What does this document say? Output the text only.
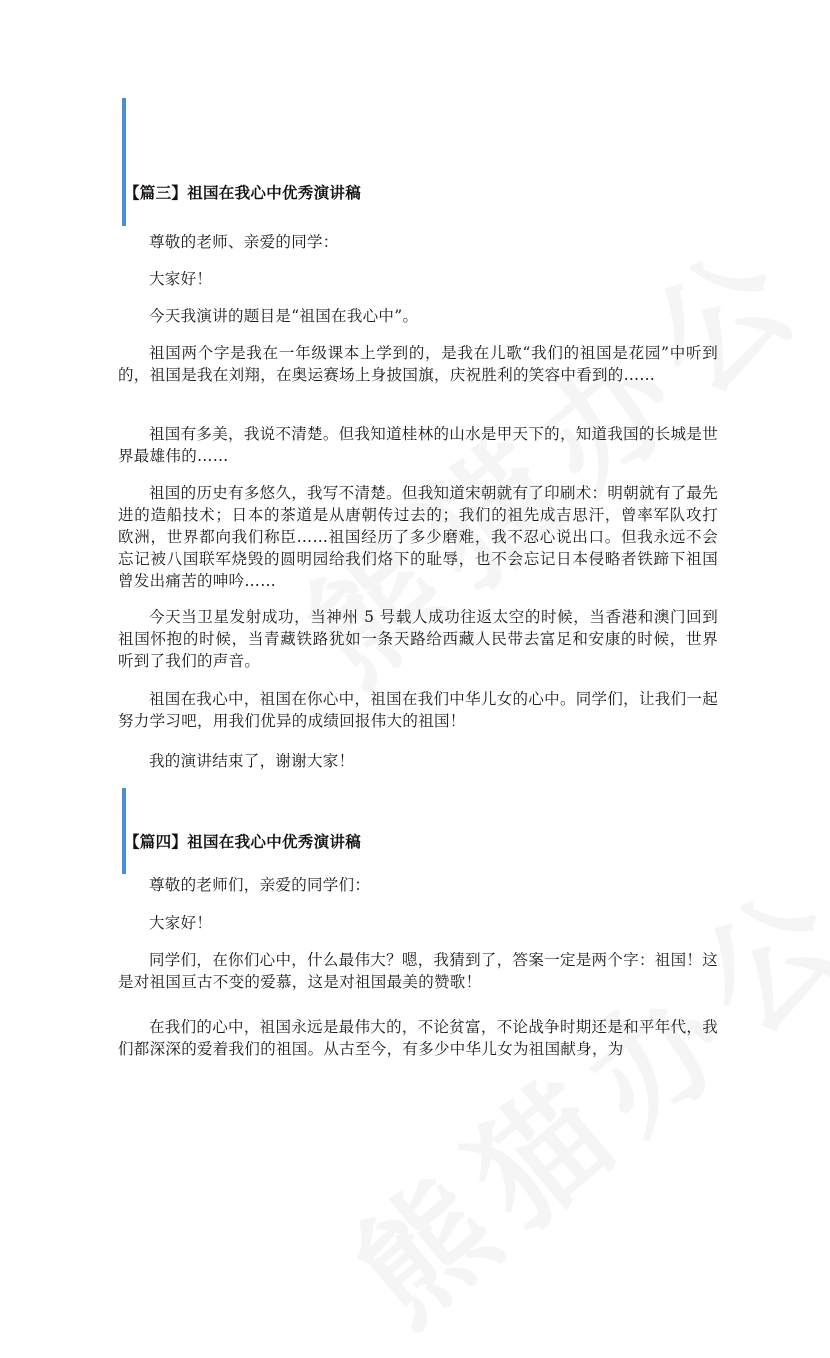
【篇三】祖国在我心中优秀演讲稿

尊敬的老师、亲爱的同学：

大家好！

今天我演讲的题目是“祖国在我心中”。

祖国两个字是我在一年级课本上学到的，是我在儿歌“我们的祖国是花园”中听到的，祖国是我在刘翔，在奥运赛场上身披国旗，庆祝胜利的笑容中看到的……

祖国有多美，我说不清楚。但我知道桂林的山水是甲天下的，知道我国的长城是世界最雄伟的……

祖国的历史有多悠久，我写不清楚。但我知道宋朝就有了印刷术：明朝就有了最先进的造船技术；日本的茶道是从唐朝传过去的；我们的祖先成吉思汗，曾率军队攻打欧洲，世界都向我们称臣……祖国经历了多少磨难，我不忍心说出口。但我永远不会忘记被八国联军烧毁的圆明园给我们烙下的耻辱，也不会忘记日本侵略者铁蹄下祖国曾发出痛苦的呻吟……

今天当卫星发射成功，当神州 5 号载人成功往返太空的时候，当香港和澳门回到祖国怀抱的时候，当青藏铁路犹如一条天路给西藏人民带去富足和安康的时候，世界听到了我们的声音。

祖国在我心中，祖国在你心中，祖国在我们中华儿女的心中。同学们，让我们一起努力学习吧，用我们优异的成绩回报伟大的祖国！

我的演讲结束了，谢谢大家！

【篇四】祖国在我心中优秀演讲稿

尊敬的老师们，亲爱的同学们：

大家好！

同学们，在你们心中，什么最伟大？嗯，我猜到了，答案一定是两个字：祖国！这是对祖国亘古不变的爱慕，这是对祖国最美的赞歌！

在我们的心中，祖国永远是最伟大的，不论贫富，不论战争时期还是和平年代，我们都深深的爱着我们的祖国。从古至今，有多少中华儿女为祖国献身，为
